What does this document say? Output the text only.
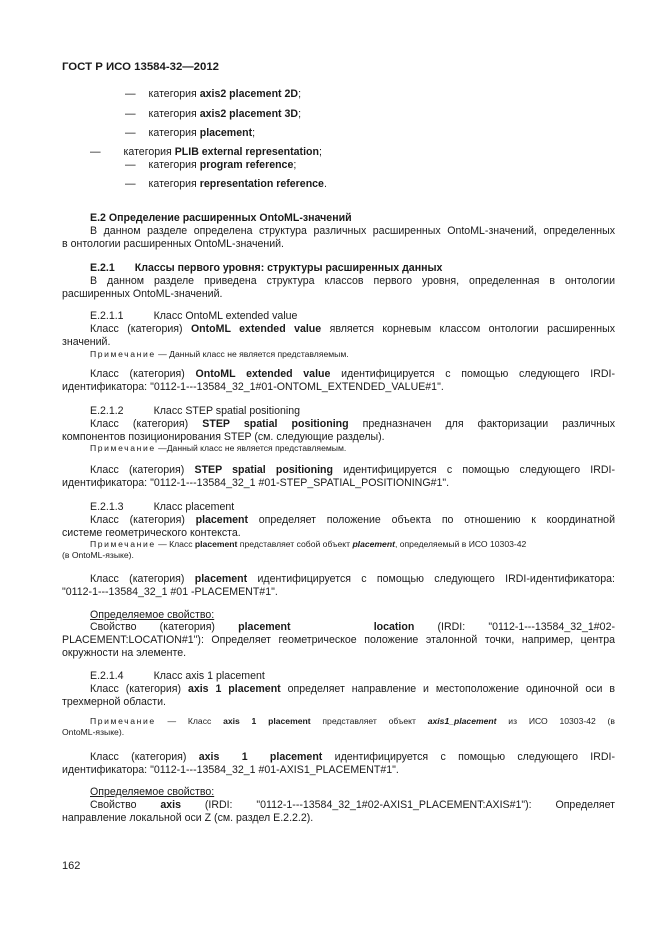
ГОСТ Р ИСО 13584-32—2012
— категория axis2 placement 2D;
— категория axis2 placement 3D;
— категория placement;
— категория PLIB external representation;
— категория program reference;
— категория representation reference.
E.2 Определение расширенных OntoML-значений
В данном разделе определена структура различных расширенных OntoML-значений, определенных
в онтологии расширенных OntoML-значений.
E.2.1 Классы первого уровня: структуры расширенных данных
В данном разделе приведена структура классов первого уровня, определенная в онтологии
расширенных OntoML-значений.
E.2.1.1	Класс OntoML extended value
Класс (категория) OntoML extended value является корневым классом онтологии расширенных
значений.
Примечание — Данный класс не является представляемым.
Класс (категория) OntoML extended value идентифицируется с помощью следующего IRDI-
идентификатора: "0112-1---13584_32_1#01-ONTOML_EXTENDED_VALUE#1".
E.2.1.2	Класс STEP spatial positioning
Класс (категория) STEP spatial positioning предназначен для факторизации различных
компонентов позиционирования STEP (см. следующие разделы).
Примечание —Данный класс не является представляемым.
Класс (категория) STEP spatial positioning идентифицируется с помощью следующего IRDI-
идентификатора: "0112-1---13584_32_1 #01-STEP_SPATIAL_POSITIONING#1".
E.2.1.3	Класс placement
Класс (категория) placement определяет положение объекта по отношению к координатной
системе геометрического контекста.
Примечание — Класс placement представляет собой объект placement, определяемый в ИСО 10303-42
(в OntoML-языке).
Класс (категория) placement идентифицируется с помощью следующего IRDI-идентификатора:
"0112-1---13584_32_1 #01 -PLACEMENT#1".
Определяемое свойство:
Свойство (категория) placement location (IRDI: "0112-1---13584_32_1#02-
PLACEMENT:LOCATION#1"): Определяет геометрическое положение эталонной точки, например, центра
окружности на элементе.
E.2.1.4	Класс axis 1 placement
Класс (категория) axis 1 placement определяет направление и местоположение одиночной оси в
трехмерной области.
Примечание — Класс axis 1 placement представляет объект axis1_placement из ИСО 10303-42 (в
OntoML-языке).
Класс (категория) axis 1 placement идентифицируется с помощью следующего IRDI-
идентификатора: "0112-1---13584_32_1 #01-AXIS1_PLACEMENT#1".
Определяемое свойство:
Свойство axis (IRDI: "0112-1---13584_32_1#02-AXIS1_PLACEMENT:AXIS#1"): Определяет
направление локальной оси Z (см. раздел E.2.2.2).
162
